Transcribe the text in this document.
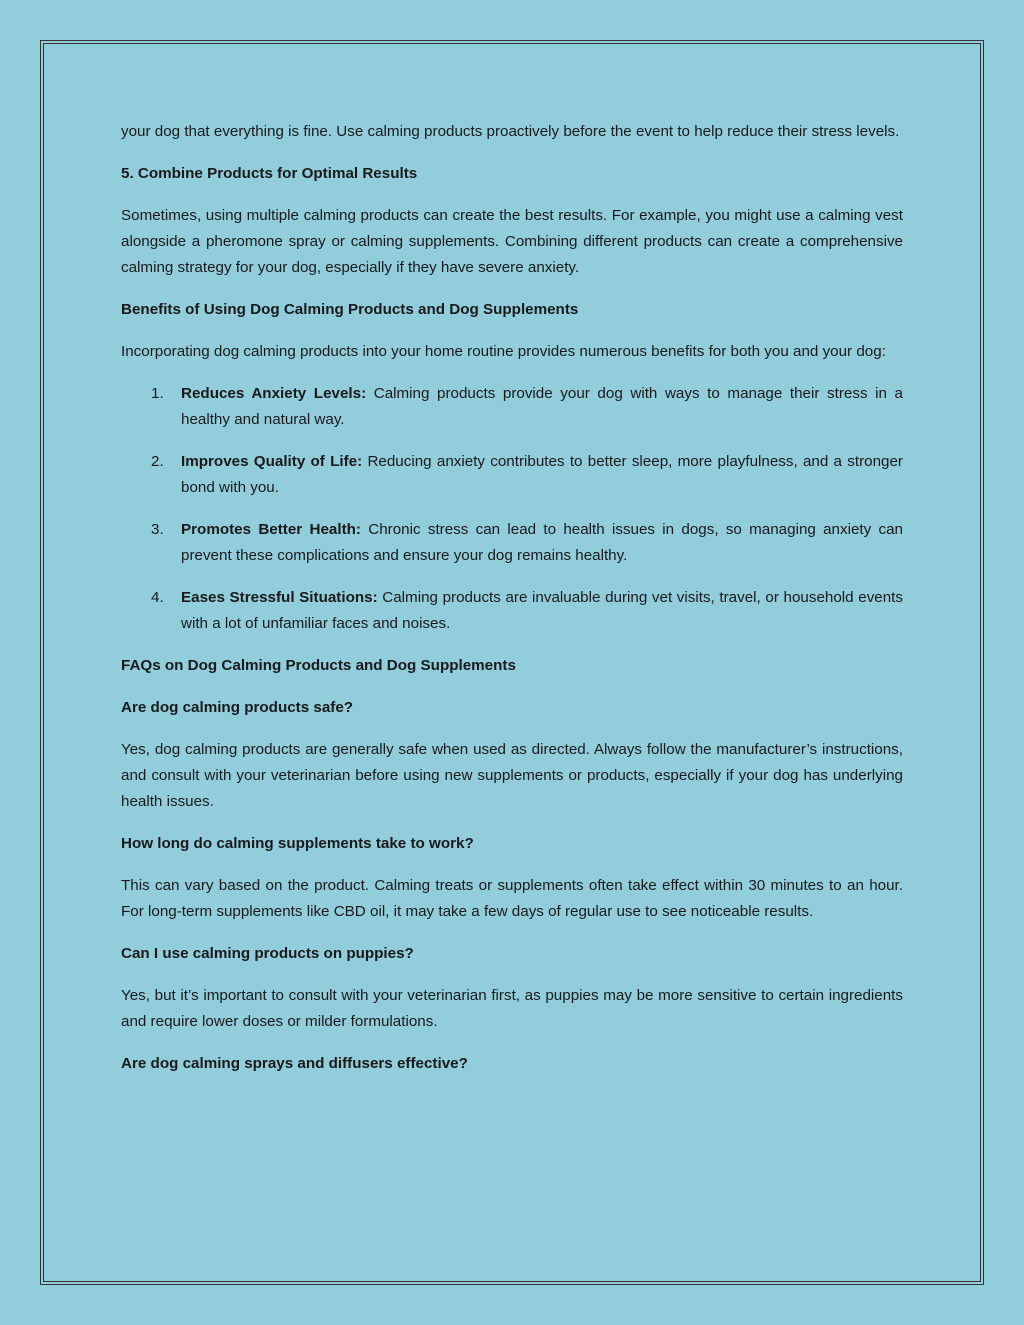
your dog that everything is fine. Use calming products proactively before the event to help reduce their stress levels.

5. Combine Products for Optimal Results

Sometimes, using multiple calming products can create the best results. For example, you might use a calming vest alongside a pheromone spray or calming supplements. Combining different products can create a comprehensive calming strategy for your dog, especially if they have severe anxiety.

Benefits of Using Dog Calming Products and Dog Supplements

Incorporating dog calming products into your home routine provides numerous benefits for both you and your dog:

1. Reduces Anxiety Levels: Calming products provide your dog with ways to manage their stress in a healthy and natural way.
2. Improves Quality of Life: Reducing anxiety contributes to better sleep, more playfulness, and a stronger bond with you.
3. Promotes Better Health: Chronic stress can lead to health issues in dogs, so managing anxiety can prevent these complications and ensure your dog remains healthy.
4. Eases Stressful Situations: Calming products are invaluable during vet visits, travel, or household events with a lot of unfamiliar faces and noises.

FAQs on Dog Calming Products and Dog Supplements

Are dog calming products safe?

Yes, dog calming products are generally safe when used as directed. Always follow the manufacturer’s instructions, and consult with your veterinarian before using new supplements or products, especially if your dog has underlying health issues.

How long do calming supplements take to work?

This can vary based on the product. Calming treats or supplements often take effect within 30 minutes to an hour. For long-term supplements like CBD oil, it may take a few days of regular use to see noticeable results.

Can I use calming products on puppies?

Yes, but it’s important to consult with your veterinarian first, as puppies may be more sensitive to certain ingredients and require lower doses or milder formulations.

Are dog calming sprays and diffusers effective?
